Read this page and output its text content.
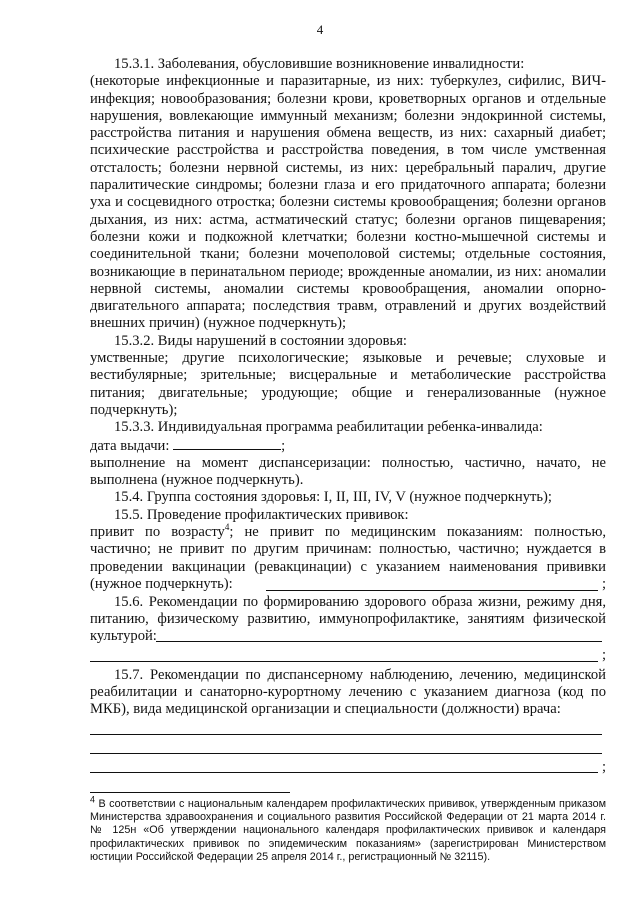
4

15.3.1. Заболевания, обусловившие возникновение инвалидности:

(некоторые инфекционные и паразитарные, из них: туберкулез, сифилис, ВИЧ-инфекция; новообразования; болезни крови, кроветворных органов и отдельные нарушения, вовлекающие иммунный механизм; болезни эндокринной системы, расстройства питания и нарушения обмена веществ, из них: сахарный диабет; психические расстройства и расстройства поведения, в том числе умственная отсталость; болезни нервной системы, из них: церебральный паралич, другие паралитические синдромы; болезни глаза и его придаточного аппарата; болезни уха и сосцевидного отростка; болезни системы кровообращения; болезни органов дыхания, из них: астма, астматический статус; болезни органов пищеварения; болезни кожи и подкожной клетчатки; болезни костно-мышечной системы и соединительной ткани; болезни мочеполовой системы; отдельные состояния, возникающие в перинатальном периоде; врожденные аномалии, из них: аномалии нервной системы, аномалии системы кровообращения, аномалии опорно-двигательного аппарата; последствия травм, отравлений и других воздействий внешних причин) (нужное подчеркнуть);

15.3.2. Виды нарушений в состоянии здоровья:

умственные; другие психологические; языковые и речевые; слуховые и вестибулярные; зрительные; висцеральные и метаболические расстройства питания; двигательные; уродующие; общие и генерализованные (нужное подчеркнуть);

15.3.3. Индивидуальная программа реабилитации ребенка-инвалида:

дата выдачи:	;

выполнение на момент диспансеризации: полностью, частично, начато, не выполнена (нужное подчеркнуть).

15.4. Группа состояния здоровья: I, II, III, IV, V (нужное подчеркнуть);

15.5. Проведение профилактических прививок:

привит по возрасту$^4$; не привит по медицинским показаниям: полностью, частично; не привит по другим причинам: полностью, частично; нуждается в проведении вакцинации (ревакцинации) с указанием наименования прививки (нужное подчеркнуть):	;

15.6. Рекомендации по формированию здорового образа жизни, режиму дня, питанию, физическому развитию, иммунопрофилактике, занятиям физической культурой:

;

15.7. Рекомендации по диспансерному наблюдению, лечению, медицинской реабилитации и санаторно-курортному лечению с указанием диагноза (код по МКБ), вида медицинской организации и специальности (должности) врача:

;
$^4$ В соответствии с национальным календарем профилактических прививок, утвержденным приказом Министерства здравоохранения и социального развития Российской Федерации от 21 марта 2014 г. № 125н «Об утверждении национального календаря профилактических прививок и календаря профилактических прививок по эпидемическим показаниям» (зарегистрирован Министерством юстиции Российской Федерации 25 апреля 2014 г., регистрационный № 32115).
